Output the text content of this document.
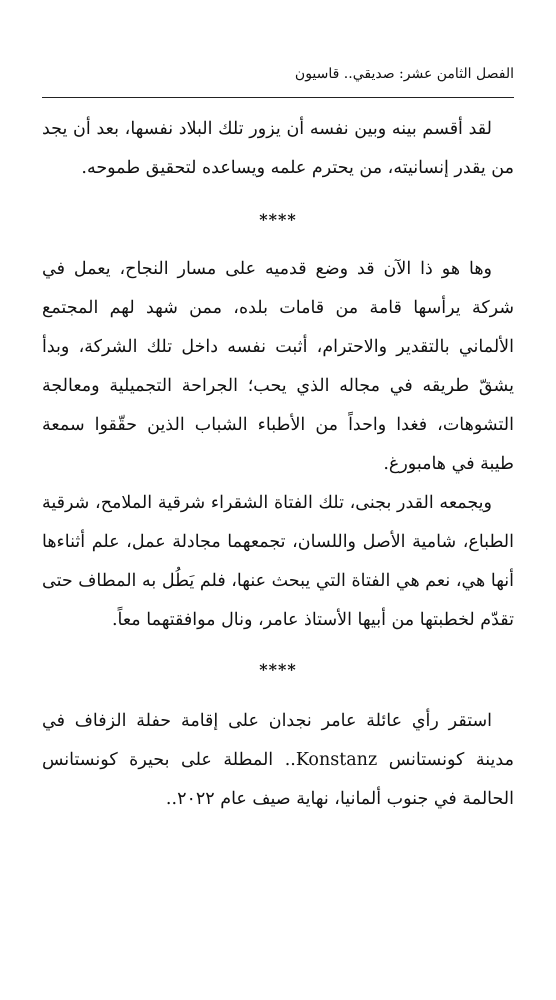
الفصل الثامن عشر: صديقي.. قاسيون

لقد أقسم بينه وبين نفسه أن يزور تلك البلاد نفسها، بعد أن يجد من يقدر إنسانيته، من يحترم علمه ويساعده لتحقيق طموحه.

****

وها هو ذا الآن قد وضع قدميه على مسار النجاح، يعمل في شركة يرأسها قامة من قامات بلده، ممن شهد لهم المجتمع الألماني بالتقدير والاحترام، أثبت نفسه داخل تلك الشركة، وبدأ يشقّ طريقه في مجاله الذي يحب؛ الجراحة التجميلية ومعالجة التشوهات، فغدا واحداً من الأطباء الشباب الذين حقّقوا سمعة طيبة في هامبورغ.

ويجمعه القدر بجنى، تلك الفتاة الشقراء شرقية الملامح، شرقية الطباع، شامية الأصل واللسان، تجمعهما مجادلة عمل، علم أثناءها أنها هي، نعم هي الفتاة التي يبحث عنها، فلم يَطُل به المطاف حتى تقدّم لخطبتها من أبيها الأستاذ عامر، ونال موافقتهما معاً.

****

استقر رأي عائلة عامر نجدان على إقامة حفلة الزفاف في مدينة كونستانس Konstanz.. المطلة على بحيرة كونستانس الحالمة في جنوب ألمانيا، نهاية صيف عام ٢٠٢٢..
